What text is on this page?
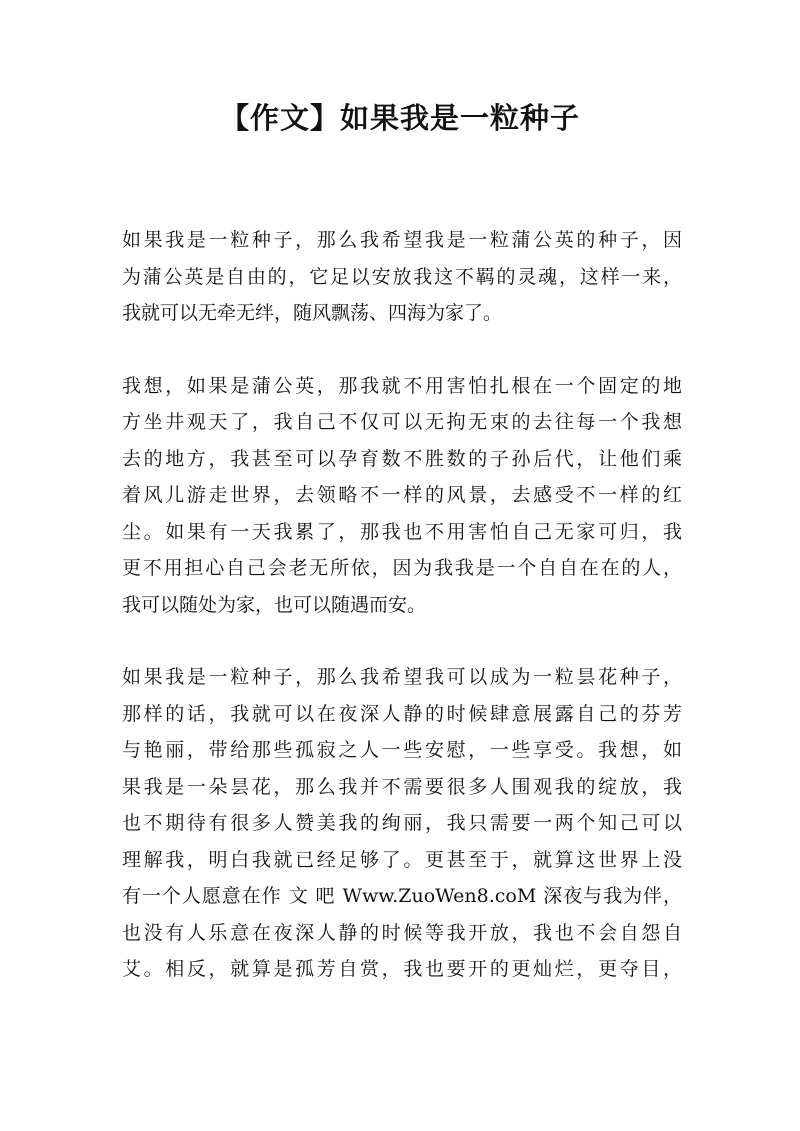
【作文】如果我是一粒种子

如果我是一粒种子，那么我希望我是一粒蒲公英的种子，因
为蒲公英是自由的，它足以安放我这不羁的灵魂，这样一来，
我就可以无牵无绊，随风飘荡、四海为家了。

我想，如果是蒲公英，那我就不用害怕扎根在一个固定的地
方坐井观天了，我自己不仅可以无拘无束的去往每一个我想
去的地方，我甚至可以孕育数不胜数的子孙后代，让他们乘
着风儿游走世界，去领略不一样的风景，去感受不一样的红
尘。如果有一天我累了，那我也不用害怕自己无家可归，我
更不用担心自己会老无所依，因为我我是一个自自在在的人，
我可以随处为家，也可以随遇而安。

如果我是一粒种子，那么我希望我可以成为一粒昙花种子，
那样的话，我就可以在夜深人静的时候肆意展露自己的芬芳
与艳丽，带给那些孤寂之人一些安慰，一些享受。我想，如
果我是一朵昙花，那么我并不需要很多人围观我的绽放，我
也不期待有很多人赞美我的绚丽，我只需要一两个知己可以
理解我，明白我就已经足够了。更甚至于，就算这世界上没
有一个人愿意在作 文 吧 Www.ZuoWen8.coM 深夜与我为伴，
也没有人乐意在夜深人静的时候等我开放，我也不会自怨自
艾。相反，就算是孤芳自赏，我也要开的更灿烂，更夺目，
